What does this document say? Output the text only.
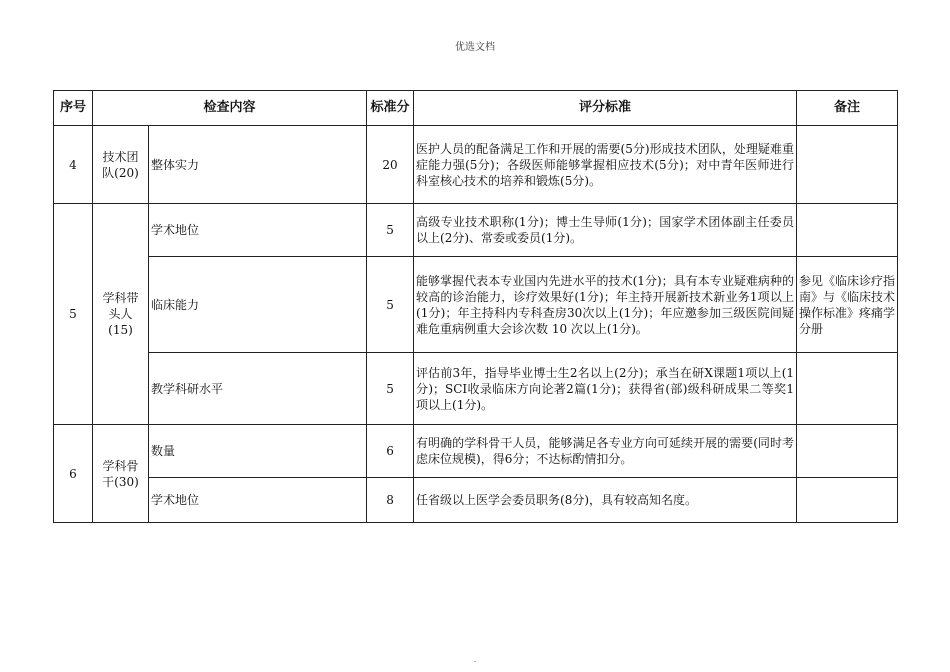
优选文档
序号	检查内容		标准分	评分标准	备注
4	技术团队(20)	整体实力	20	医护人员的配备满足工作和开展的需要(5分)形成技术团队，处理疑难重症能力强(5分)；各级医师能够掌握相应技术(5分)；对中青年医师进行科室核心技术的培养和锻炼(5分)。	
5	学科带头人(15)	学术地位	5	高级专业技术职称(1分)；博士生导师(1分)；国家学术团体副主任委员以上(2分)、常委或委员(1分)。	
		临床能力	5	能够掌握代表本专业国内先进水平的技术(1分)；具有本专业疑难病种的较高的诊治能力，诊疗效果好(1分)；年主持开展新技术新业务1项以上(1分)；年主持科内专科查房30次以上(1分)；年应邀参加三级医院间疑难危重病例重大会诊次数 10 次以上(1分)。	参见《临床诊疗指南》与《临床技术操作标准》疼痛学分册
		教学科研水平	5	评估前3年，指导毕业博士生2名以上(2分)；承当在研X课题1项以上(1分)；SCI收录临床方向论著2篇(1分)；获得省(部)级科研成果二等奖1项以上(1分)。	
6	学科骨干(30)	数量	6	有明确的学科骨干人员，能够满足各专业方向可延续开展的需要(同时考虑床位规模)，得6分；不达标酌情扣分。	
		学术地位	8	任省级以上医学会委员职务(8分)，具有较高知名度。	
.
